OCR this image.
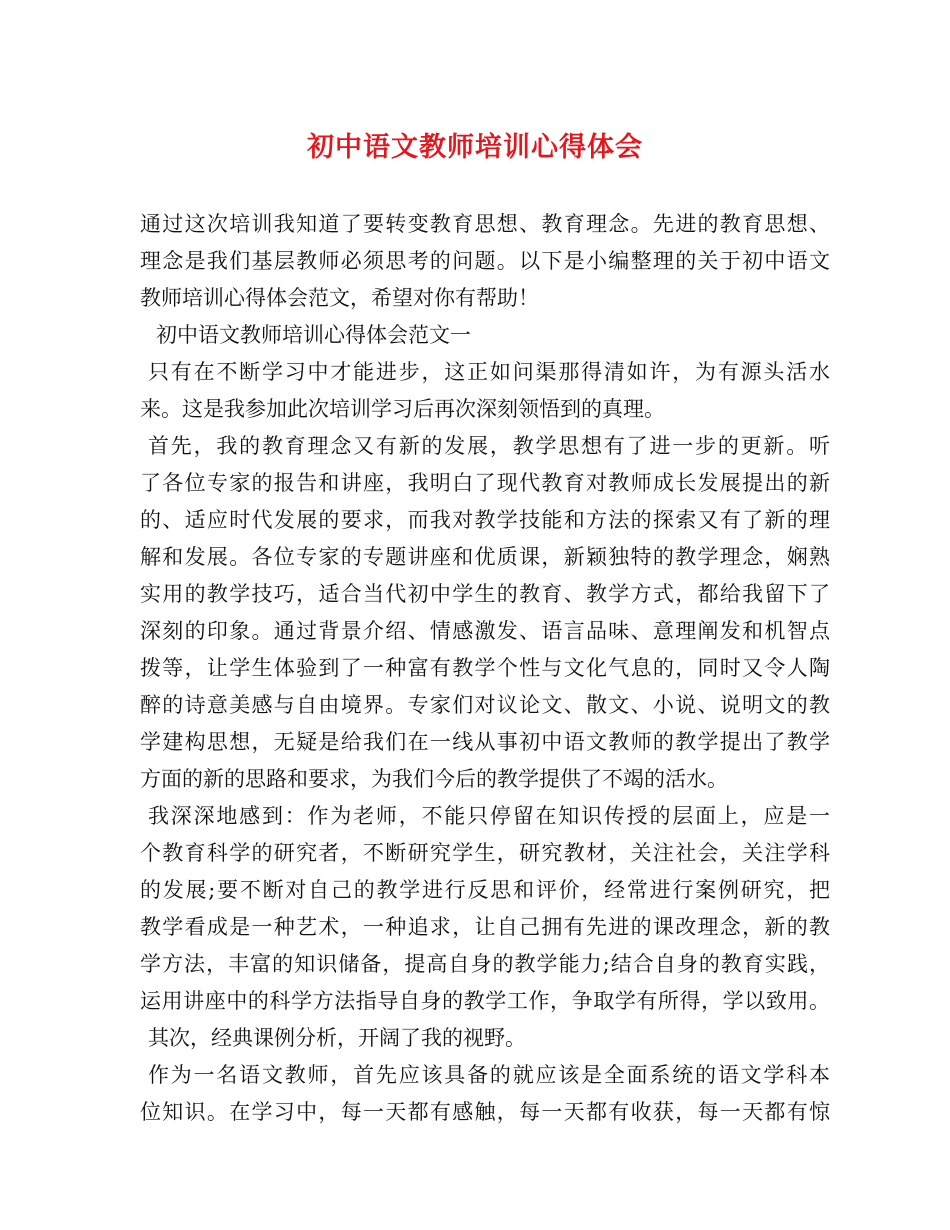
初中语文教师培训心得体会
通过这次培训我知道了要转变教育思想、教育理念。先进的教育思想、
理念是我们基层教师必须思考的问题。以下是小编整理的关于初中语文
教师培训心得体会范文，希望对你有帮助！
初中语文教师培训心得体会范文一
只有在不断学习中才能进步，这正如问渠那得清如许，为有源头活水
来。这是我参加此次培训学习后再次深刻领悟到的真理。
首先，我的教育理念又有新的发展，教学思想有了进一步的更新。听
了各位专家的报告和讲座，我明白了现代教育对教师成长发展提出的新
的、适应时代发展的要求，而我对教学技能和方法的探索又有了新的理
解和发展。各位专家的专题讲座和优质课，新颖独特的教学理念，娴熟
实用的教学技巧，适合当代初中学生的教育、教学方式，都给我留下了
深刻的印象。通过背景介绍、情感激发、语言品味、意理阐发和机智点
拨等，让学生体验到了一种富有教学个性与文化气息的，同时又令人陶
醉的诗意美感与自由境界。专家们对议论文、散文、小说、说明文的教
学建构思想，无疑是给我们在一线从事初中语文教师的教学提出了教学
方面的新的思路和要求，为我们今后的教学提供了不竭的活水。
我深深地感到：作为老师，不能只停留在知识传授的层面上，应是一
个教育科学的研究者，不断研究学生，研究教材，关注社会，关注学科
的发展;要不断对自己的教学进行反思和评价，经常进行案例研究，把
教学看成是一种艺术，一种追求，让自己拥有先进的课改理念，新的教
学方法，丰富的知识储备，提高自身的教学能力;结合自身的教育实践，
运用讲座中的科学方法指导自身的教学工作，争取学有所得，学以致用。
其次，经典课例分析，开阔了我的视野。
作为一名语文教师，首先应该具备的就应该是全面系统的语文学科本
位知识。在学习中，每一天都有感触，每一天都有收获，每一天都有惊
